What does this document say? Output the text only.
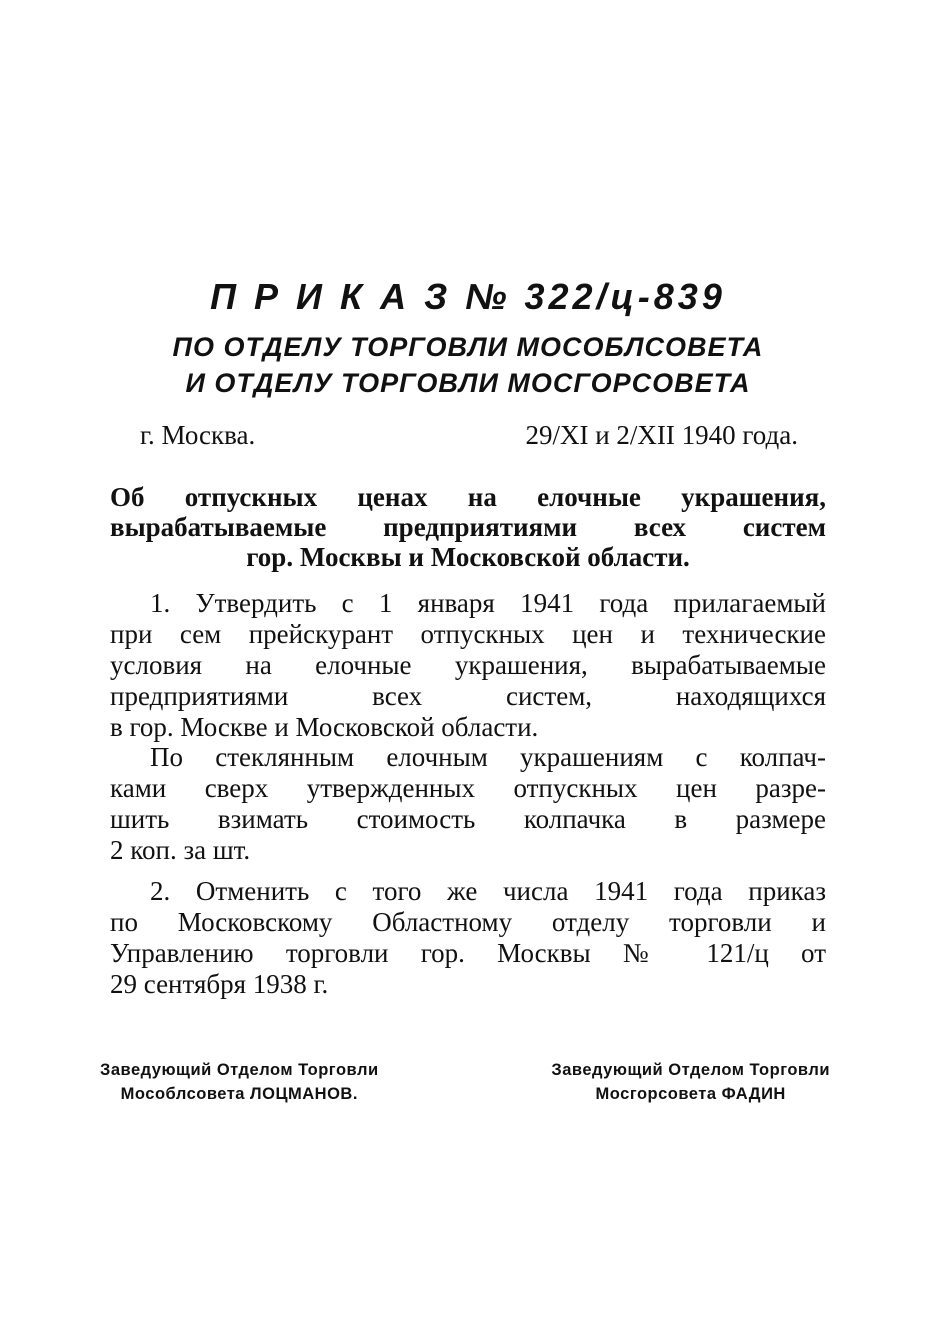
П Р И К А З № 322/ц-839
ПО ОТДЕЛУ ТОРГОВЛИ МОСОБЛСОВЕТА
И ОТДЕЛУ ТОРГОВЛИ МОСГОРСОВЕТА
г. Москва.	29/XI и 2/XII 1940 года.
Об отпускных ценах на елочные украшения,
вырабатываемые предприятиями всех систем
гор. Москвы и Московской области.
1. Утвердить с 1 января 1941 года прилагаемый
при сем прейскурант отпускных цен и технические
условия на елочные украшения, вырабатываемые
предприятиями всех систем, находящихся
в гор. Москве и Московской области.
По стеклянным елочным украшениям с колпач-
ками сверх утвержденных отпускных цен разре-
шить взимать стоимость колпачка в размере
2 коп. за шт.
2. Отменить с того же числа 1941 года приказ
по Московскому Областному отделу торговли и
Управлению торговли гор. Москвы № 121/ц от
29 сентября 1938 г.
Заведующий Отделом Торговли
Мособлсовета ЛОЦМАНОВ.
Заведующий Отделом Торговли
Мосгорсовета ФАДИН
